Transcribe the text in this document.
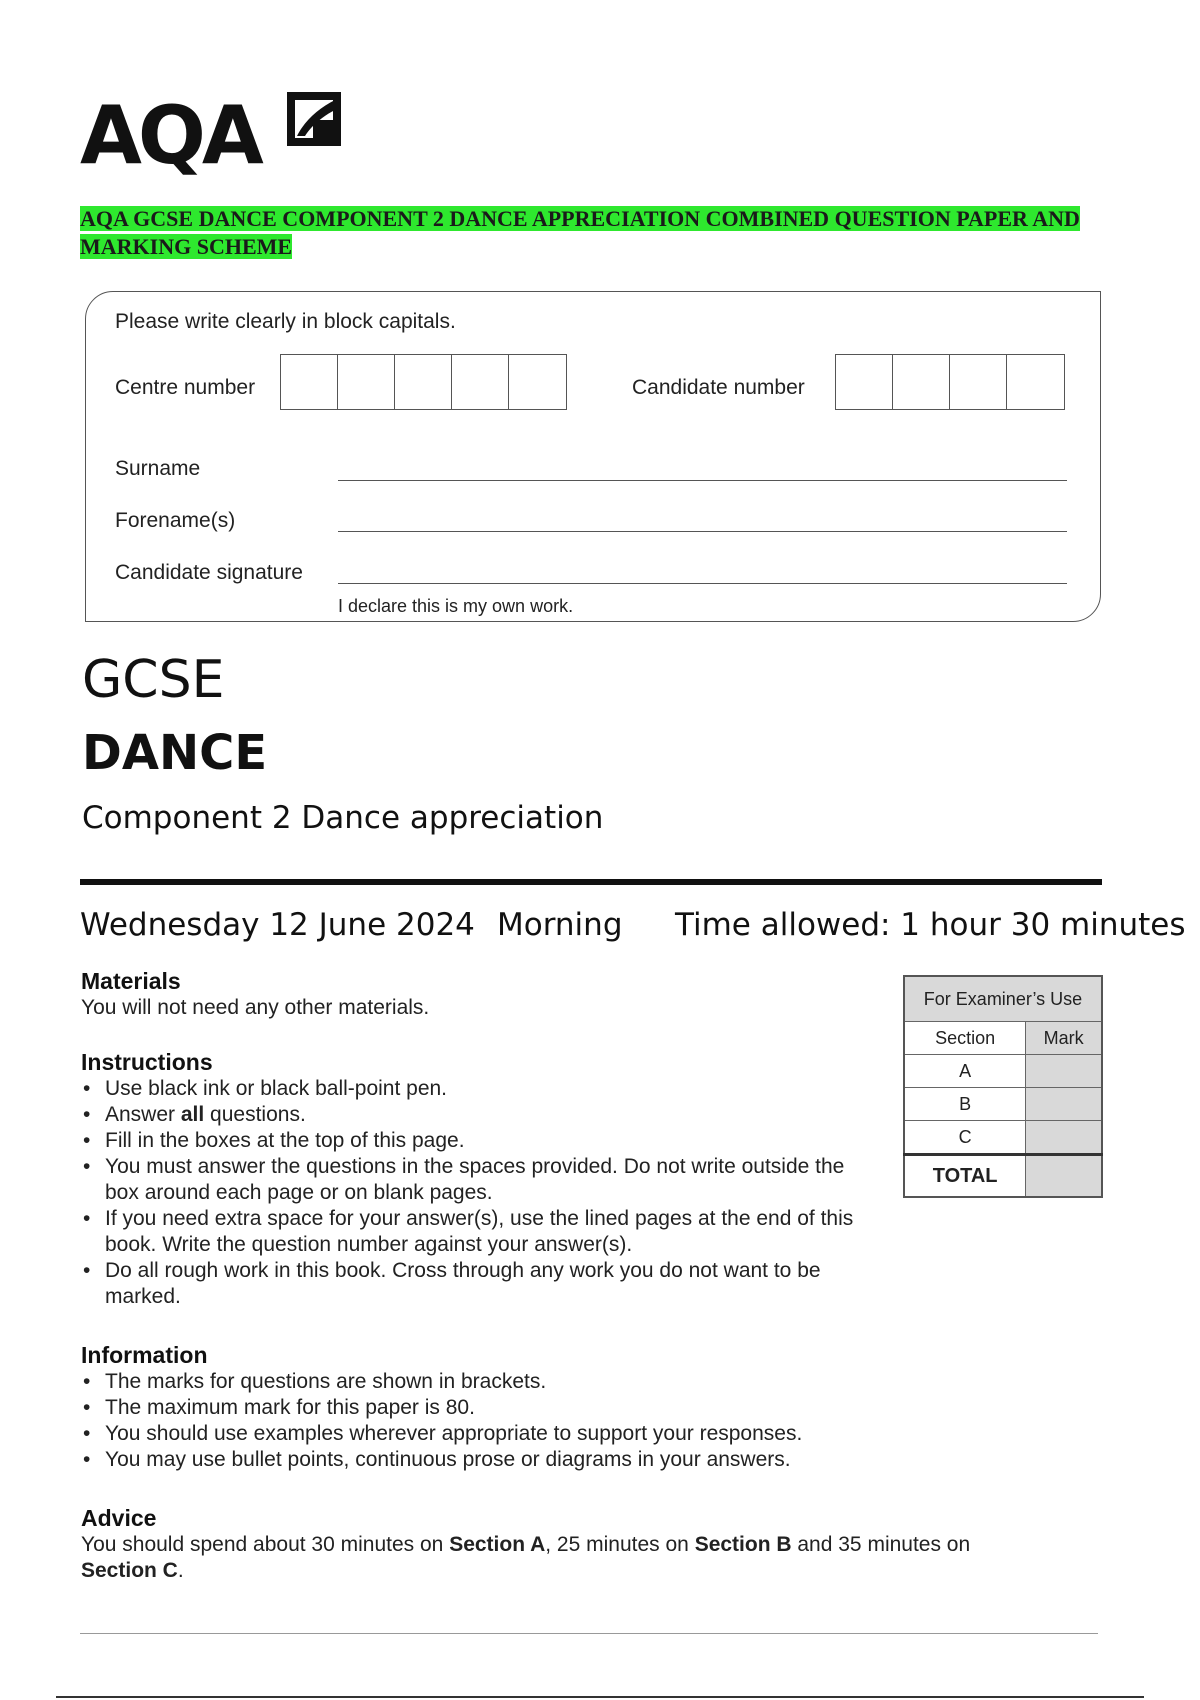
AQA
AQA GCSE DANCE COMPONENT 2 DANCE APPRECIATION COMBINED QUESTION PAPER AND MARKING SCHEME
Please write clearly in block capitals.
Centre number	Candidate number
Surname
Forename(s)
Candidate signature
I declare this is my own work.
GCSE
DANCE
Component 2 Dance appreciation
Wednesday 12 June 2024 Morning Time allowed: 1 hour 30 minutes
Materials
You will not need any other materials.
Instructions
• Use black ink or black ball-point pen.
• Answer all questions.
• Fill in the boxes at the top of this page.
• You must answer the questions in the spaces provided. Do not write outside the box around each page or on blank pages.
• If you need extra space for your answer(s), use the lined pages at the end of this book. Write the question number against your answer(s).
• Do all rough work in this book. Cross through any work you do not want to be marked.
Information
• The marks for questions are shown in brackets.
• The maximum mark for this paper is 80.
• You should use examples wherever appropriate to support your responses.
• You may use bullet points, continuous prose or diagrams in your answers.
Advice
You should spend about 30 minutes on Section A, 25 minutes on Section B and 35 minutes on Section C.
For Examiner’s Use	
Section	Mark
A	
B	
C	
TOTAL	
